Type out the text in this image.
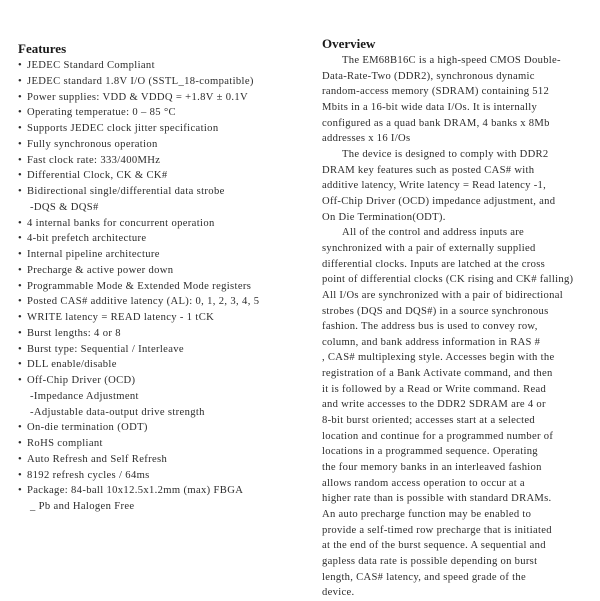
Features
• JEDEC Standard Compliant
• JEDEC standard 1.8V I/O (SSTL_18-compatible)
• Power supplies: VDD & VDDQ = +1.8V ± 0.1V
• Operating temperatue: 0 – 85 °C
• Supports JEDEC clock jitter specification
• Fully synchronous operation
• Fast clock rate: 333/400MHz
• Differential Clock, CK & CK#
• Bidirectional single/differential data strobe
-DQS & DQS#
• 4 internal banks for concurrent operation
• 4-bit prefetch architecture
• Internal pipeline architecture
• Precharge & active power down
• Programmable Mode & Extended Mode registers
• Posted CAS# additive latency (AL): 0, 1, 2, 3, 4, 5
• WRITE latency = READ latency - 1 tCK
• Burst lengths: 4 or 8
• Burst type: Sequential / Interleave
• DLL enable/disable
• Off-Chip Driver (OCD)
-Impedance Adjustment
-Adjustable data-output drive strength
• On-die termination (ODT)
• RoHS compliant
• Auto Refresh and Self Refresh
• 8192 refresh cycles / 64ms
• Package: 84-ball 10x12.5x1.2mm (max) FBGA
_ Pb and Halogen Free
Overview

The EM68B16C is a high-speed CMOS Double-
Data-Rate-Two (DDR2), synchronous dynamic
random-access memory (SDRAM) containing 512
Mbits in a 16-bit wide data I/Os. It is internally
configured as a quad bank DRAM, 4 banks x 8Mb
addresses x 16 I/Os
The device is designed to comply with DDR2
DRAM key features such as posted CAS# with
additive latency, Write latency = Read latency -1,
Off-Chip Driver (OCD) impedance adjustment, and
On Die Termination(ODT).
All of the control and address inputs are
synchronized with a pair of externally supplied
differential clocks. Inputs are latched at the cross
point of differential clocks (CK rising and CK# falling)
All I/Os are synchronized with a pair of bidirectional
strobes (DQS and DQS#) in a source synchronous
fashion. The address bus is used to convey row,
column, and bank address information in RAS #
, CAS# multiplexing style. Accesses begin with the
registration of a Bank Activate command, and then
it is followed by a Read or Write command. Read
and write accesses to the DDR2 SDRAM are 4 or
8-bit burst oriented; accesses start at a selected
location and continue for a programmed number of
locations in a programmed sequence. Operating
the four memory banks in an interleaved fashion
allows random access operation to occur at a
higher rate than is possible with standard DRAMs.
An auto precharge function may be enabled to
provide a self-timed row precharge that is initiated
at the end of the burst sequence. A sequential and
gapless data rate is possible depending on burst
length, CAS# latency, and speed grade of the
device.
